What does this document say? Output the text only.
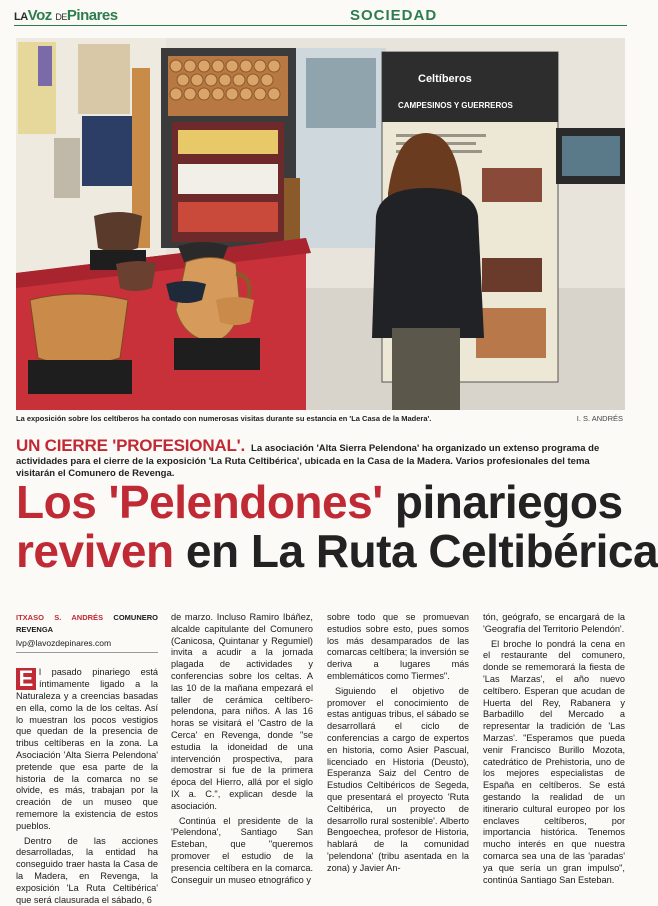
LAVoz DEPinares	SOCIEDAD
Celtíberos
CAMPESINOS Y GUERREROS
La exposición sobre los celtíberos ha contado con numerosas visitas durante su estancia en 'La Casa de la Madera'.	I. S. ANDRÉS
UN CIERRE 'PROFESIONAL'. La asociación 'Alta Sierra Pelendona' ha organizado un extenso programa de actividades para el cierre de la exposición 'La Ruta Celtibérica', ubicada en la Casa de la Madera. Varios profesionales del tema visitarán el Comunero de Revenga.
Los 'Pelendones' pinariegos
reviven en La Ruta Celtibérica
ITXASO S. ANDRÉS COMUNERO REVENGA
lvp@lavozdepinares.com

E l pasado pinariego está íntimamente ligado a la Naturaleza y a creencias basadas en ella, como la de los celtas. Así lo muestran los pocos vestigios que quedan de la presencia de tribus celtíberas en la zona. La Asociación 'Alta Sierra Pelendona' pretende que esa parte de la historia de la comarca no se olvide, es más, trabajan por la creación de un museo que rememore la existencia de estos pueblos.

Dentro de las acciones desarrolladas, la entidad ha conseguido traer hasta la Casa de la Madera, en Revenga, la exposición 'La Ruta Celtibérica' que será clausurada el sábado, 6

de marzo. Incluso Ramiro Ibáñez, alcalde capitulante del Comunero (Canicosa, Quintanar y Regumiel) invita a acudir a la jornada plagada de actividades y conferencias sobre los celtas. A las 10 de la mañana empezará el taller de cerámica celtíbero-pelendona, para niños. A las 16 horas se visitará el 'Castro de la Cerca' en Revenga, donde "se estudia la idoneidad de una intervención prospectiva, para demostrar si fue de la primera época del Hierro, allá por el siglo IX a. C.", explican desde la asociación.

Continúa el presidente de la 'Pelendona', Santiago San Esteban, que "queremos promover el estudio de la presencia celtíbera en la comarca. Conseguir un museo etnográfico y

sobre todo que se promuevan estudios sobre esto, pues somos los más desamparados de las comarcas celtíbera; la inversión se deriva a lugares más emblemáticos como Tiermes".

Siguiendo el objetivo de promover el conocimiento de estas antiguas tribus, el sábado se desarrollará el ciclo de conferencias a cargo de expertos en historia, como Asier Pascual, licenciado en Historia (Deusto), Esperanza Saiz del Centro de Estudios Celtibéricos de Segeda, que presentará el proyecto 'Ruta Celtibérica, un proyecto de desarrollo rural sostenible'. Alberto Bengoechea, profesor de Historia, hablará de la comunidad 'pelendona' (tribu asentada en la zona) y Javier An-

tón, geógrafo, se encargará de la 'Geografía del Territorio Pelendón'.

El broche lo pondrá la cena en el restaurante del comunero, donde se rememorará la fiesta de 'Las Marzas', el año nuevo celtíbero. Esperan que acudan de Huerta del Rey, Rabanera y Barbadillo del Mercado a representar la tradición de 'Las Marzas'. "Esperamos que pueda venir Francisco Burillo Mozota, catedrático de Prehistoria, uno de los mejores especialistas de España en celtíberos. Se está gestando la realidad de un itinerario cultural europeo por los enclaves celtíberos, por importancia histórica. Tenemos mucho interés en que nuestra comarca sea una de las 'paradas' ya que sería un gran impulso", continúa Santiago San Esteban.
